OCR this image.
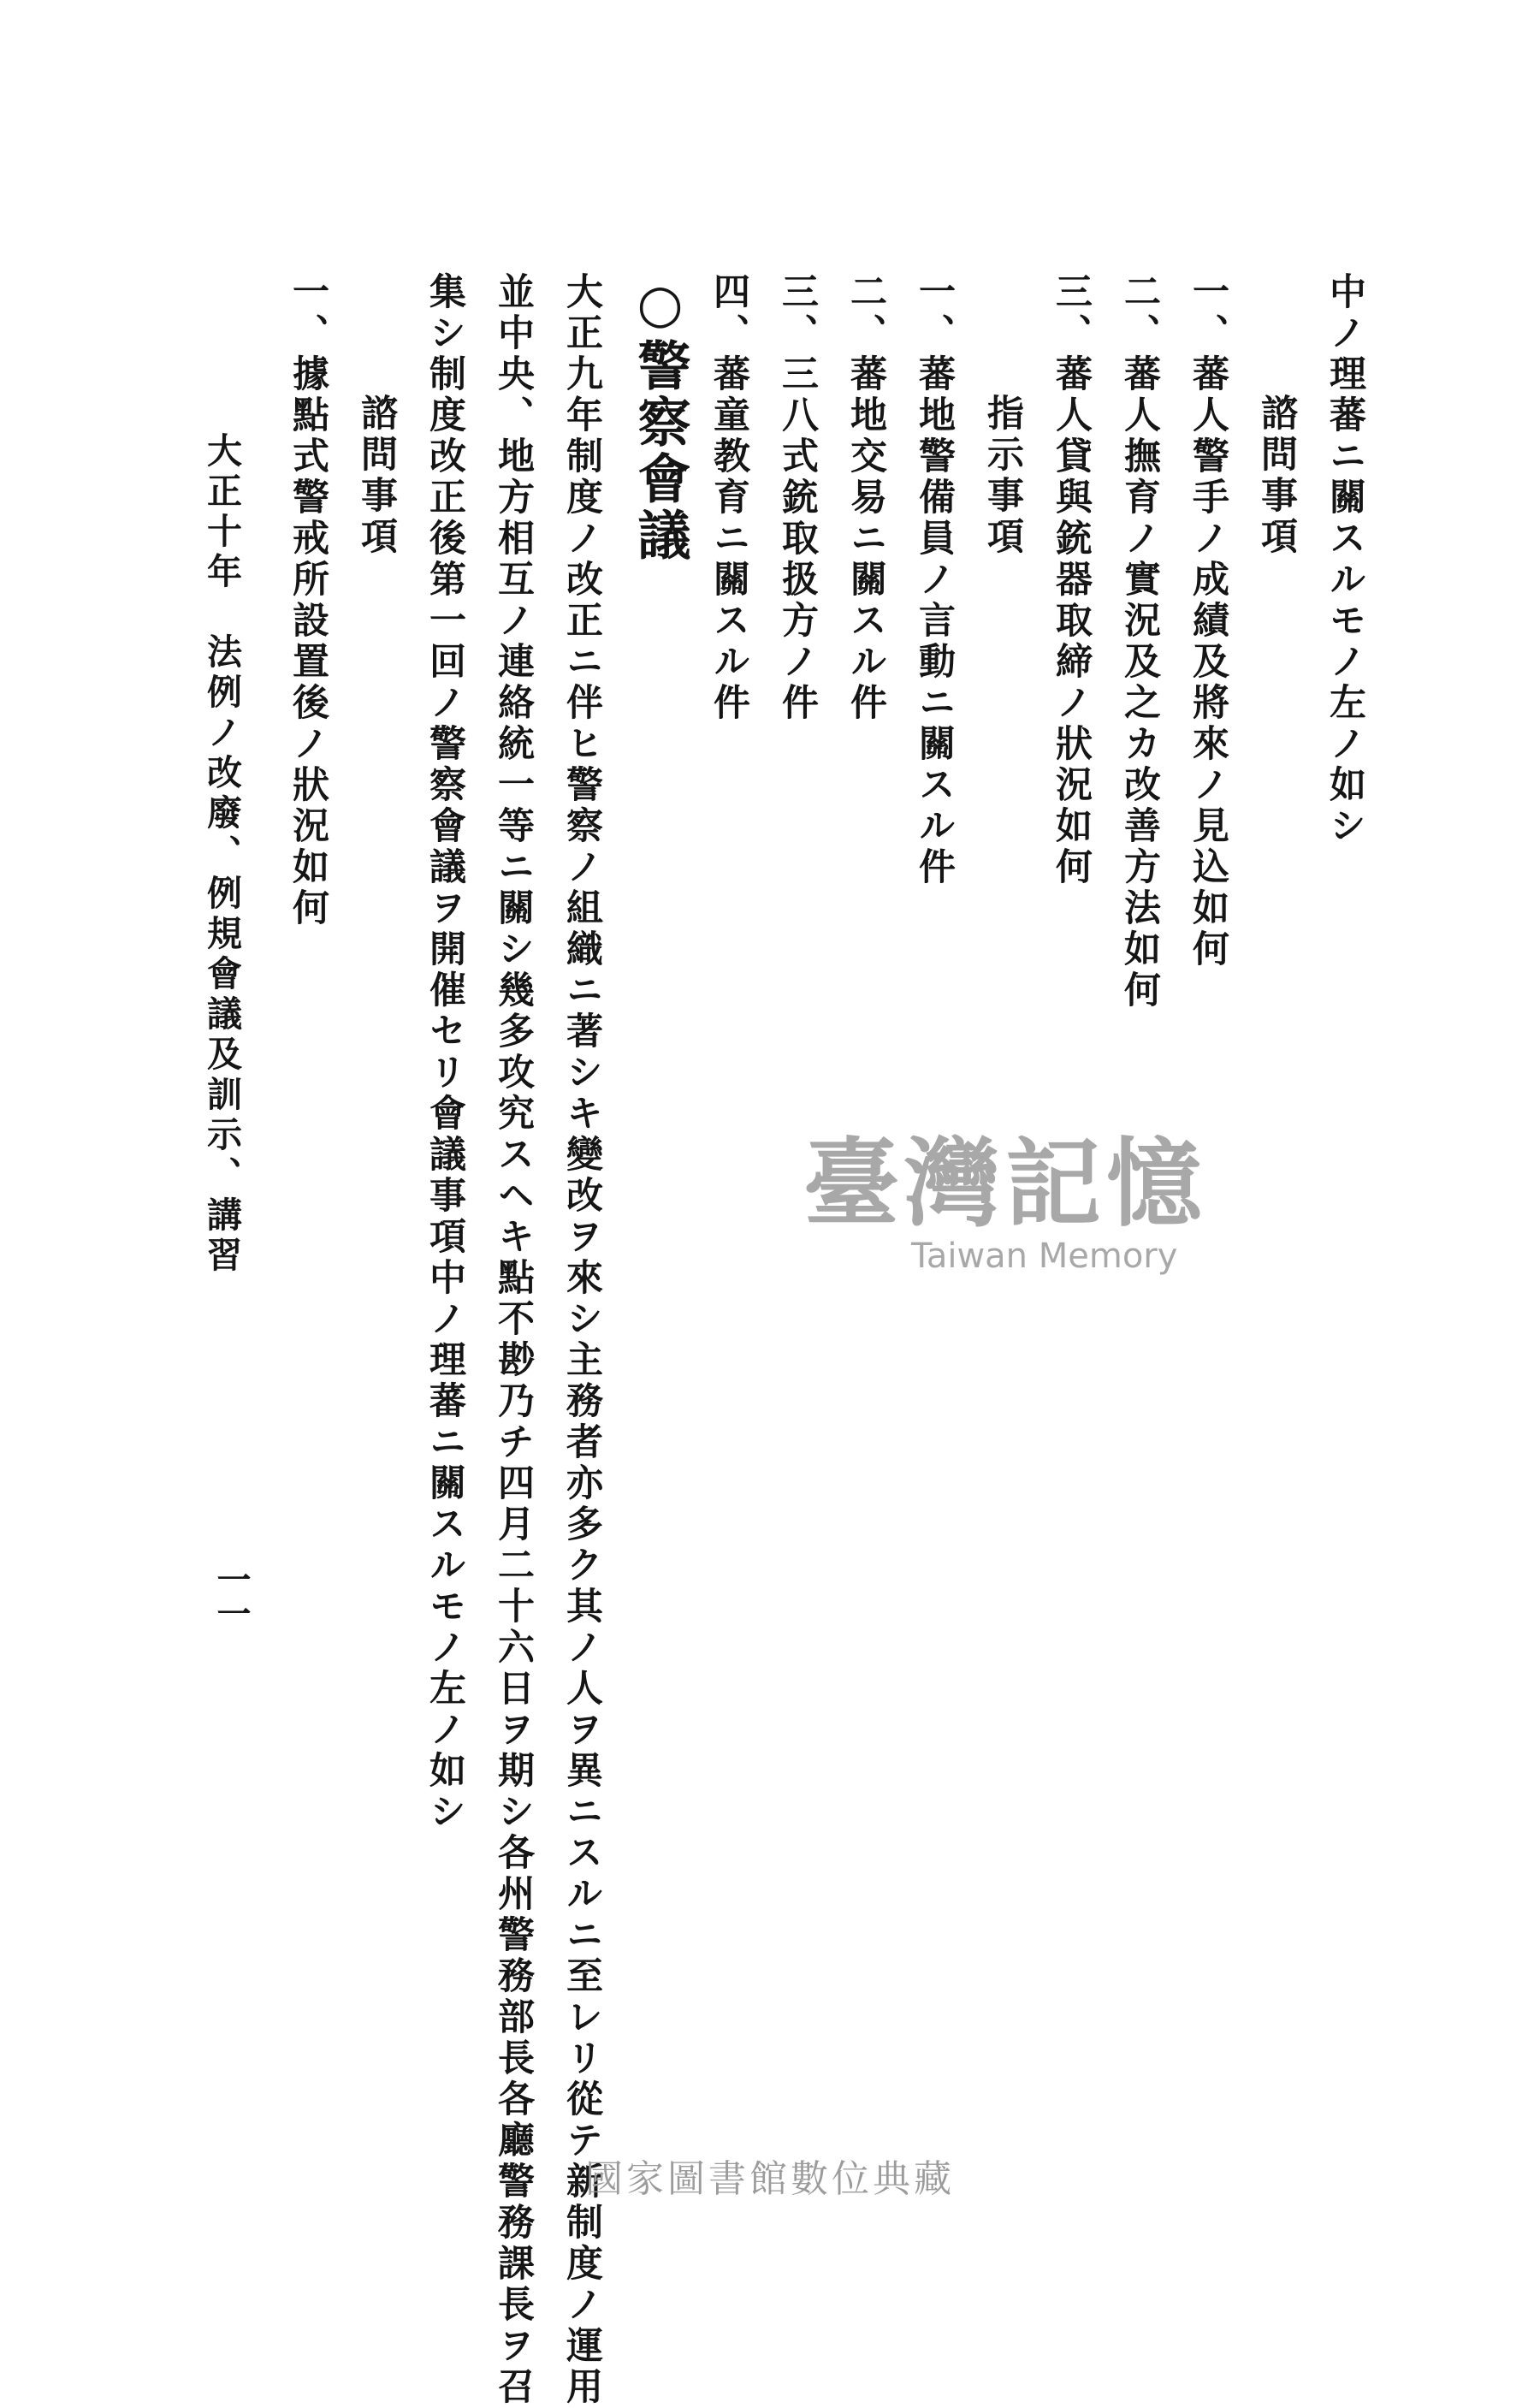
中ノ理蕃ニ關スルモノ左ノ如シ
諮問事項
一、蕃人警手ノ成績及將來ノ見込如何
二、蕃人撫育ノ實況及之カ改善方法如何
三、蕃人貸與銃器取締ノ狀況如何
指示事項
一、蕃地警備員ノ言動ニ關スル件
二、蕃地交易ニ關スル件
三、三八式銃取扱方ノ件
四、蕃童教育ニ關スル件
○警察會議
大正九年制度ノ改正ニ伴ヒ警察ノ組織ニ著シキ變改ヲ來シ主務者亦多ク其ノ人ヲ異ニスルニ至レリ從テ新制度ノ運用
並中央、地方相互ノ連絡統一等ニ關シ幾多攻究スヘキ點不尠乃チ四月二十六日ヲ期シ各州警務部長各廳警務課長ヲ召
集シ制度改正後第一回ノ警察會議ヲ開催セリ會議事項中ノ理蕃ニ關スルモノ左ノ如シ
諮問事項
一、據點式警戒所設置後ノ狀況如何
大正十年　法例ノ改廢、例規會議及訓示、講習
一一
臺灣記憶
Taiwan Memory
國家圖書館數位典藏
